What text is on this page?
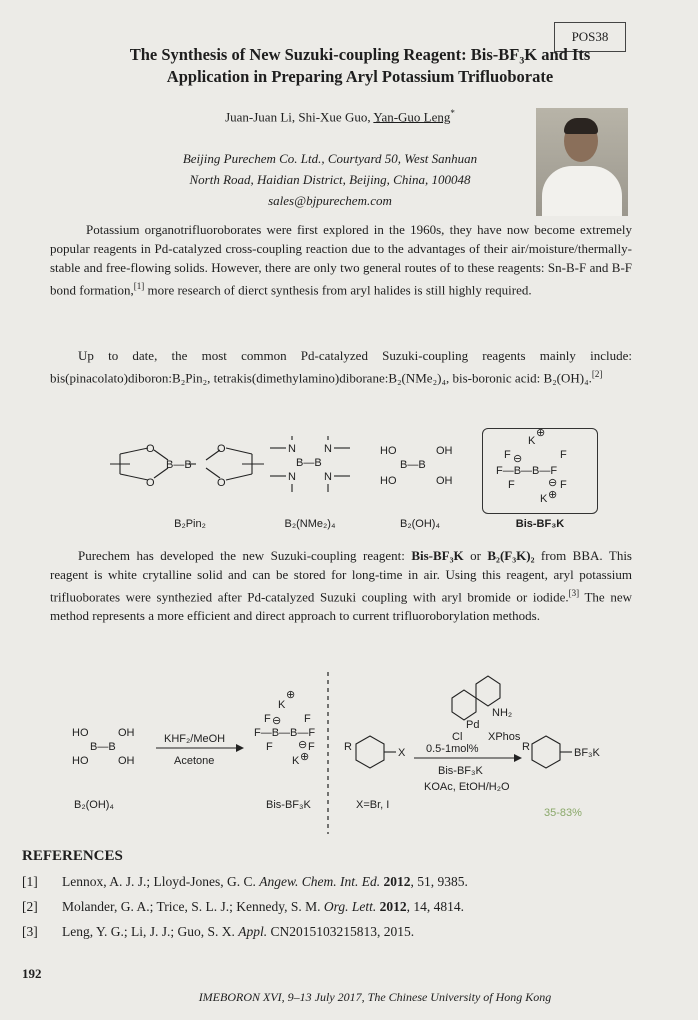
POS38
The Synthesis of New Suzuki-coupling Reagent: Bis-BF₃K and Its
Application in Preparing Aryl Potassium Trifluoborate
Juan-Juan Li, Shi-Xue Guo, Yan-Guo Leng*
Beijing Purechem Co. Ltd., Courtyard 50, West Sanhuan
North Road, Haidian District, Beijing, China, 100048
sales@bjpurechem.com
Potassium organotrifluoroborates were first explored in the 1960s, they have now become extremely popular reagents in Pd-catalyzed cross-coupling reaction due to the advantages of their air/moisture/thermally-stable and free-flowing solids. However, there are only two general routes of to these reagents: Sn-B-F and B-F bond formation,[1] more research of dierct synthesis from aryl halides is still highly required.
Up to date, the most common Pd-catalyzed Suzuki-coupling reagents mainly include: bis(pinacolato)diboron:B₂Pin₂, tetrakis(dimethylamino)diborane:B₂(NMe₂)₄, bis-boronic acid: B₂(OH)₄.[2]
O
O
B—B
O
O
N
N
B—B
N
N
HO	OH
B—B
HO	OH
K
⊕
F ⊖	F
F—B—B—F
F	⊖ F
K ⊕
B₂Pin₂	B₂(NMe₂)₄	B₂(OH)₄	Bis-BF₃K
Purechem has developed the new Suzuki-coupling reagent: Bis-BF₃K or B₂(F₃K)₂ from BBA. This reagent is white crytalline solid and can be stored for long-time in air. Using this reagent, aryl potassium trifluoborates were synthezied after Pd-catalyzed Suzuki coupling with aryl bromide or iodide.[3] The new method represents a more efficient and direct approach to current trifluoroborylation methods.
HO	OH
B—B
HO	OH
B₂(OH)₄
KHF₂/MeOH
Acetone
⊕
K
F ⊖ F
F—B—B—F
F ⊖ F
K ⊕
Bis-BF₃K
R	X
X=Br, I
NH₂
Pd
Cl XPhos
0.5-1mol%
Bis-BF₃K
KOAc, EtOH/H₂O
R	BF₃K
35-83%
REFERENCES
[1] Lennox, A. J. J.; Lloyd-Jones, G. C. Angew. Chem. Int. Ed. 2012, 51, 9385.
[2] Molander, G. A.; Trice, S. L. J.; Kennedy, S. M. Org. Lett. 2012, 14, 4814.
[3] Leng, Y. G.; Li, J. J.; Guo, S. X. Appl. CN2015103215813, 2015.
192
IMEBORON XVI, 9–13 July 2017, The Chinese University of Hong Kong
